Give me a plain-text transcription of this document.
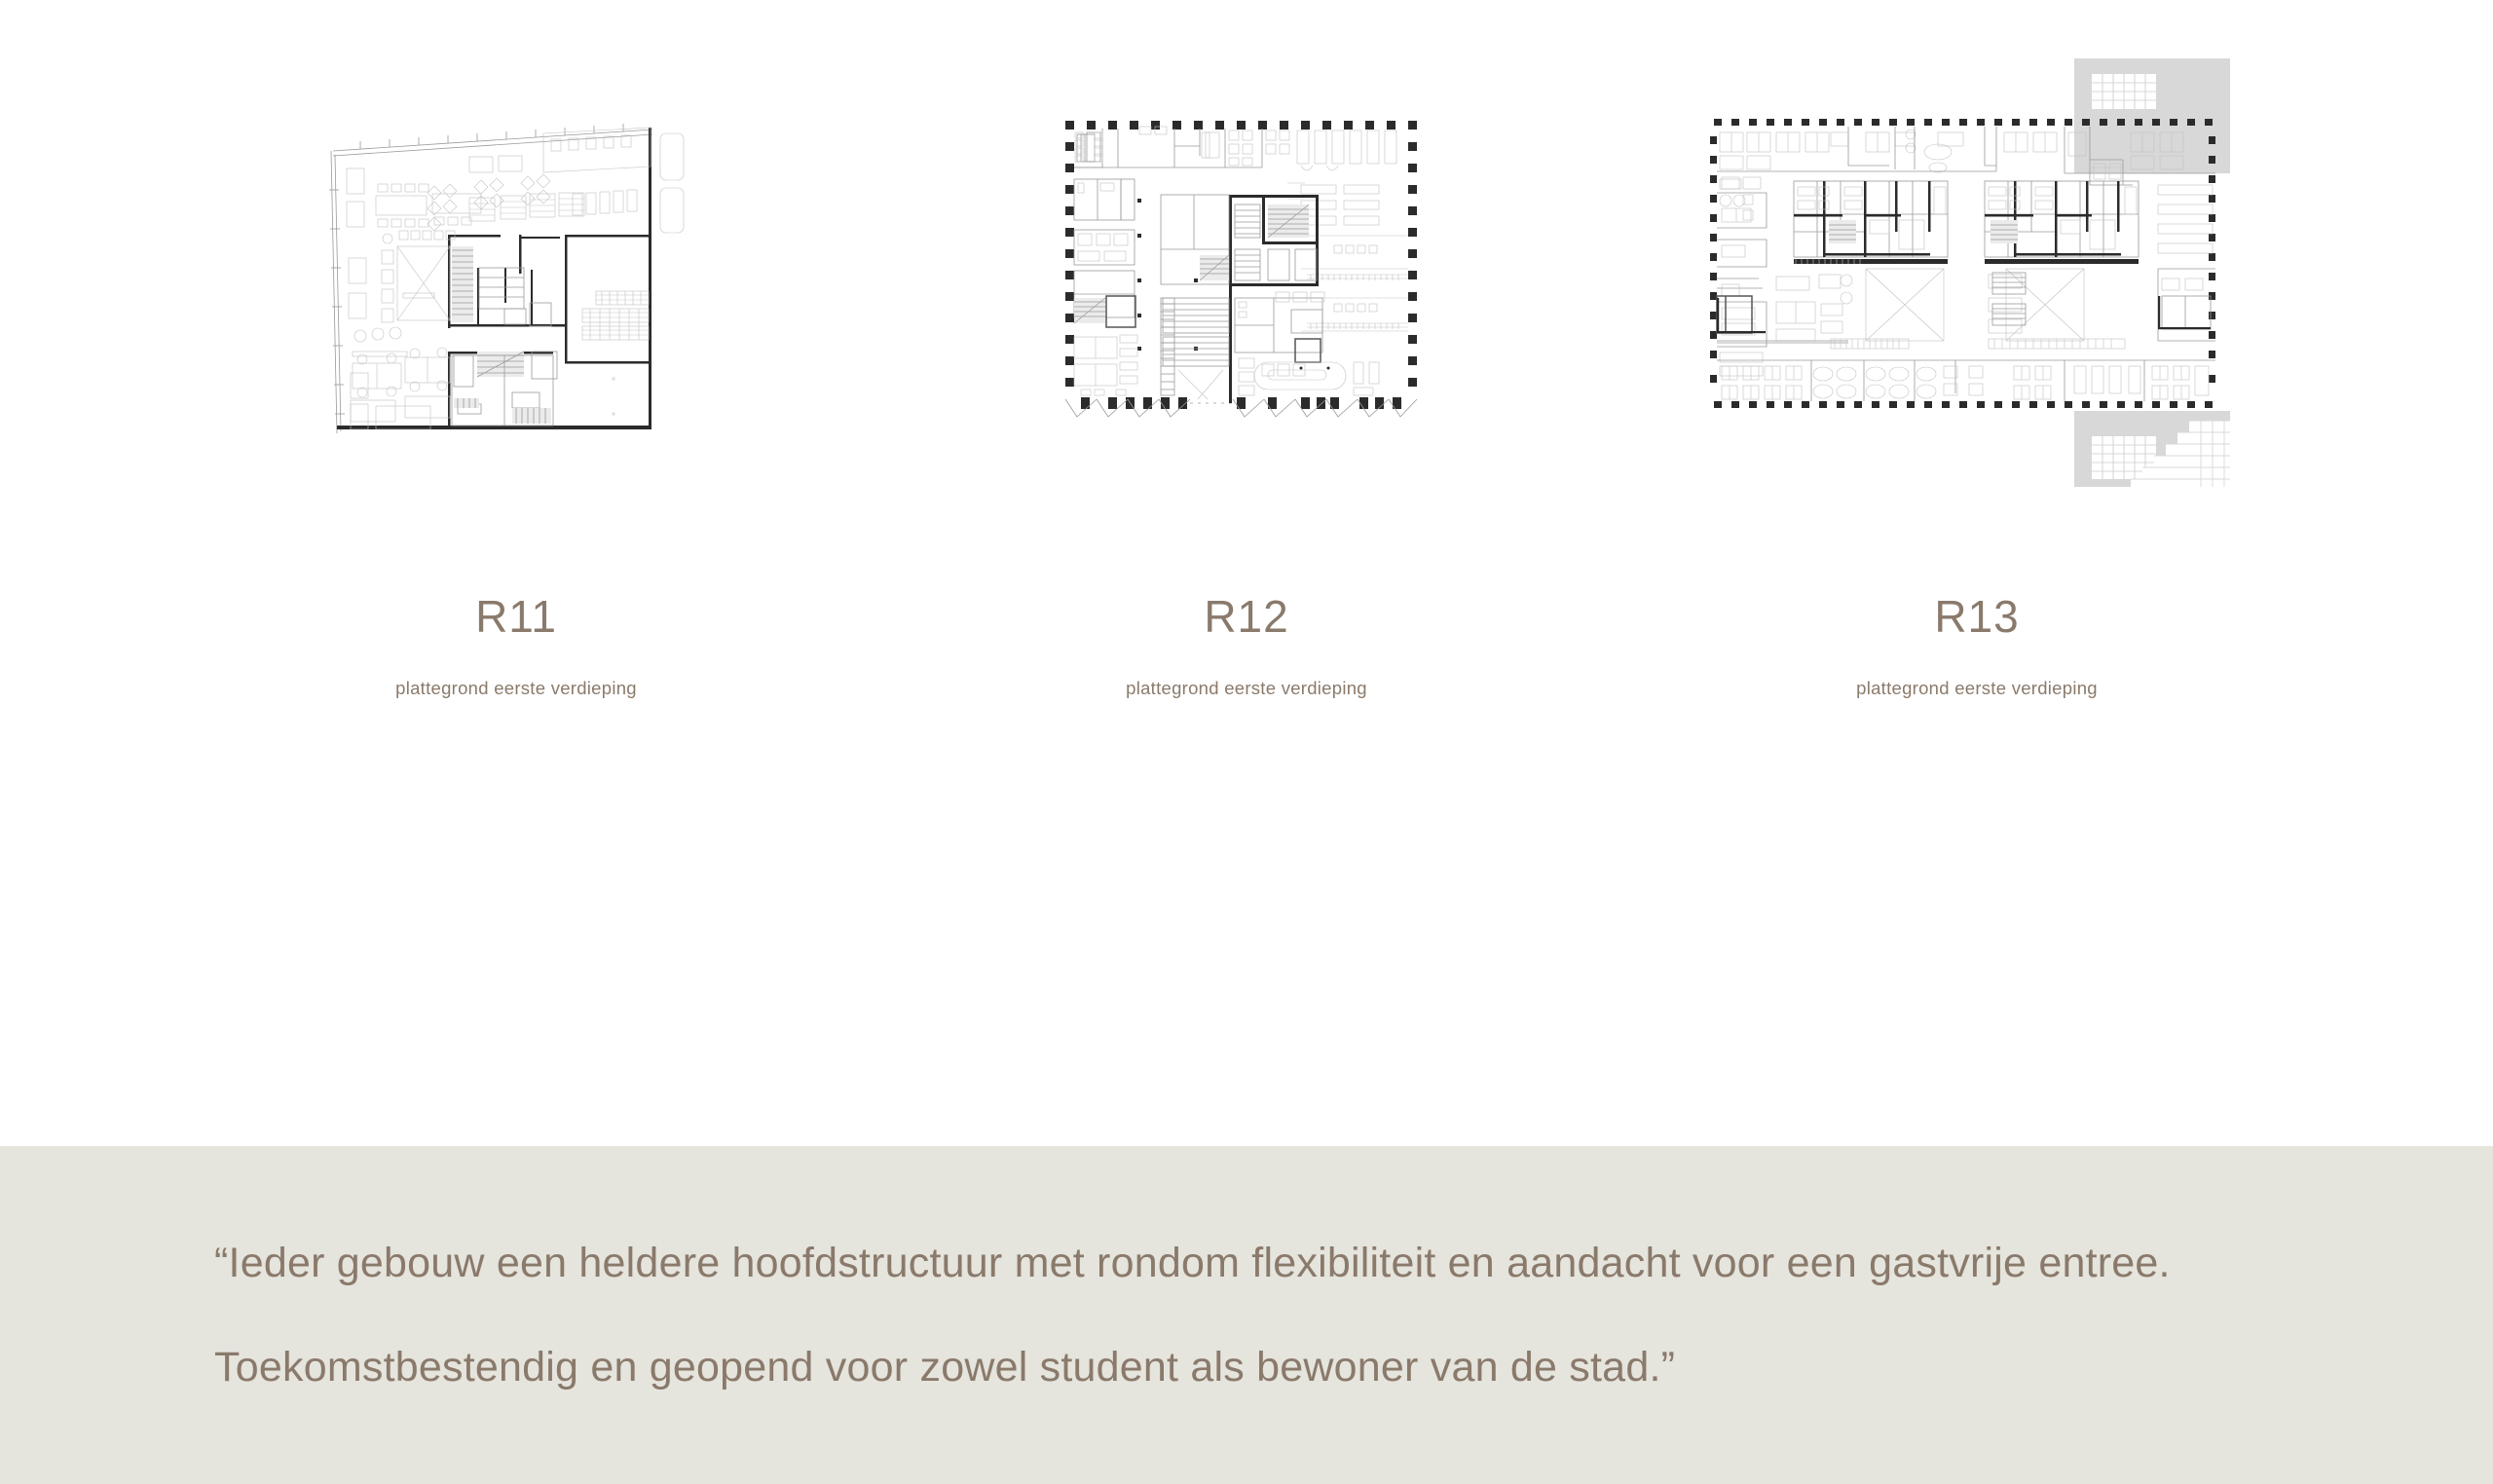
R11
plattegrond eerste verdieping
R12
plattegrond eerste verdieping
R13
plattegrond eerste verdieping
“Ieder gebouw een heldere hoofdstructuur met rondom flexibiliteit en aandacht voor een gastvrije entree. Toekomstbestendig en geopend voor zowel student als bewoner van de stad.”
